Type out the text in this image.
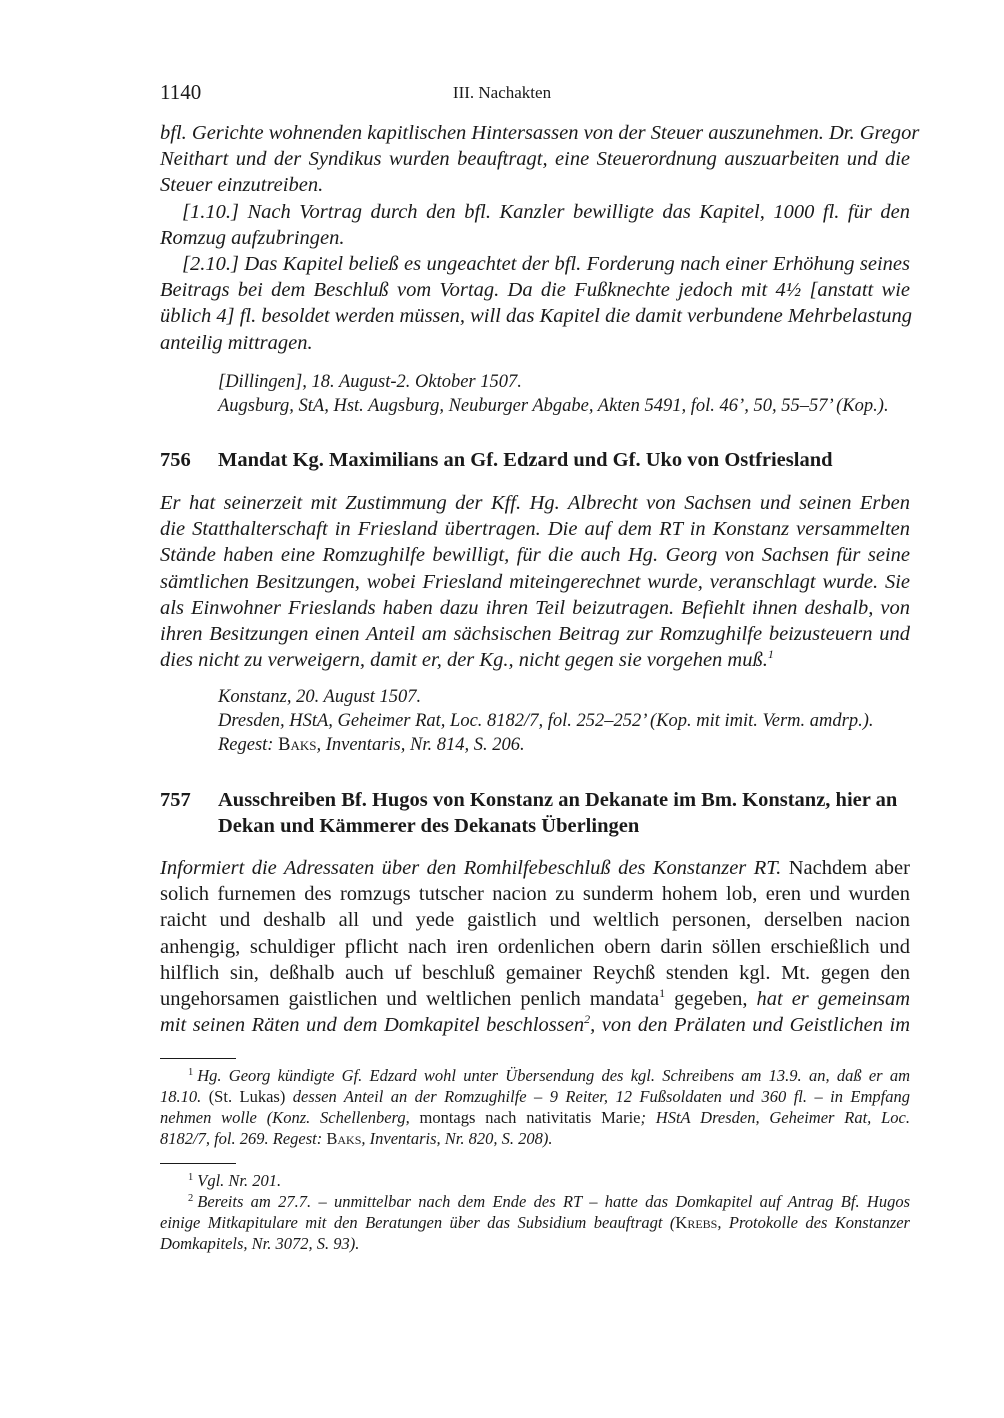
1140	III. Nachakten
bfl. Gerichte wohnenden kapitlischen Hintersassen von der Steuer auszunehmen. Dr. Gregor
Neithart und der Syndikus wurden beauftragt, eine Steuerordnung auszuarbeiten und die
Steuer einzutreiben.
[1.10.] Nach Vortrag durch den bfl. Kanzler bewilligte das Kapitel, 1000 fl. für den
Romzug aufzubringen.
[2.10.] Das Kapitel beließ es ungeachtet der bfl. Forderung nach einer Erhöhung seines
Beitrags bei dem Beschluß vom Vortag. Da die Fußknechte jedoch mit 4½ [anstatt wie
üblich 4] fl. besoldet werden müssen, will das Kapitel die damit verbundene Mehrbelastung
anteilig mittragen.
[Dillingen], 18. August-2. Oktober 1507.
Augsburg, StA, Hst. Augsburg, Neuburger Abgabe, Akten 5491, fol. 46’, 50, 55–57’ (Kop.).
756 Mandat Kg. Maximilians an Gf. Edzard und Gf. Uko von Ostfriesland
Er hat seinerzeit mit Zustimmung der Kff. Hg. Albrecht von Sachsen und seinen Erben
die Statthalterschaft in Friesland übertragen. Die auf dem RT in Konstanz versammelten
Stände haben eine Romzughilfe bewilligt, für die auch Hg. Georg von Sachsen für seine
sämtlichen Besitzungen, wobei Friesland miteingerechnet wurde, veranschlagt wurde. Sie
als Einwohner Frieslands haben dazu ihren Teil beizutragen. Befiehlt ihnen deshalb, von
ihren Besitzungen einen Anteil am sächsischen Beitrag zur Romzughilfe beizusteuern und
dies nicht zu verweigern, damit er, der Kg., nicht gegen sie vorgehen muß.$^1$
Konstanz, 20. August 1507.
Dresden, HStA, Geheimer Rat, Loc. 8182/7, fol. 252–252’ (Kop. mit imit. Verm. amdrp.).
Regest: Baks, Inventaris, Nr. 814, S. 206.
757 Ausschreiben Bf. Hugos von Konstanz an Dekanate im Bm. Konstanz, hier an
Dekan und Kämmerer des Dekanats Überlingen
Informiert die Adressaten über den Romhilfebeschluß des Konstanzer RT. Nachdem aber
solich furnemen des romzugs tutscher nacion zu sunderm hohem lob, eren und wurden
raicht und deshalb all und yede gaistlich und weltlich personen, derselben nacion
anhengig, schuldiger pflicht nach iren ordenlichen obern darin söllen erschießlich und
hilflich sin, deßhalb auch uf beschluß gemainer Reychß stenden kgl. Mt. gegen den
ungehorsamen gaistlichen und weltlichen penlich mandata$^1$ gegeben, hat er gemeinsam
mit seinen Räten und dem Domkapitel beschlossen$^2$, von den Prälaten und Geistlichen im
$^1$ Hg. Georg kündigte Gf. Edzard wohl unter Übersendung des kgl. Schreibens am 13.9. an, daß er am
18.10. (St. Lukas) dessen Anteil an der Romzughilfe – 9 Reiter, 12 Fußsoldaten und 360 fl. – in Empfang
nehmen wolle (Konz. Schellenberg, montags nach nativitatis Marie; HStA Dresden, Geheimer Rat, Loc.
8182/7, fol. 269. Regest: Baks, Inventaris, Nr. 820, S. 208).
$^1$ Vgl. Nr. 201.
$^2$ Bereits am 27.7. – unmittelbar nach dem Ende des RT – hatte das Domkapitel auf Antrag Bf. Hugos
einige Mitkapitulare mit den Beratungen über das Subsidium beauftragt (Krebs, Protokolle des Konstanzer
Domkapitels, Nr. 3072, S. 93).
